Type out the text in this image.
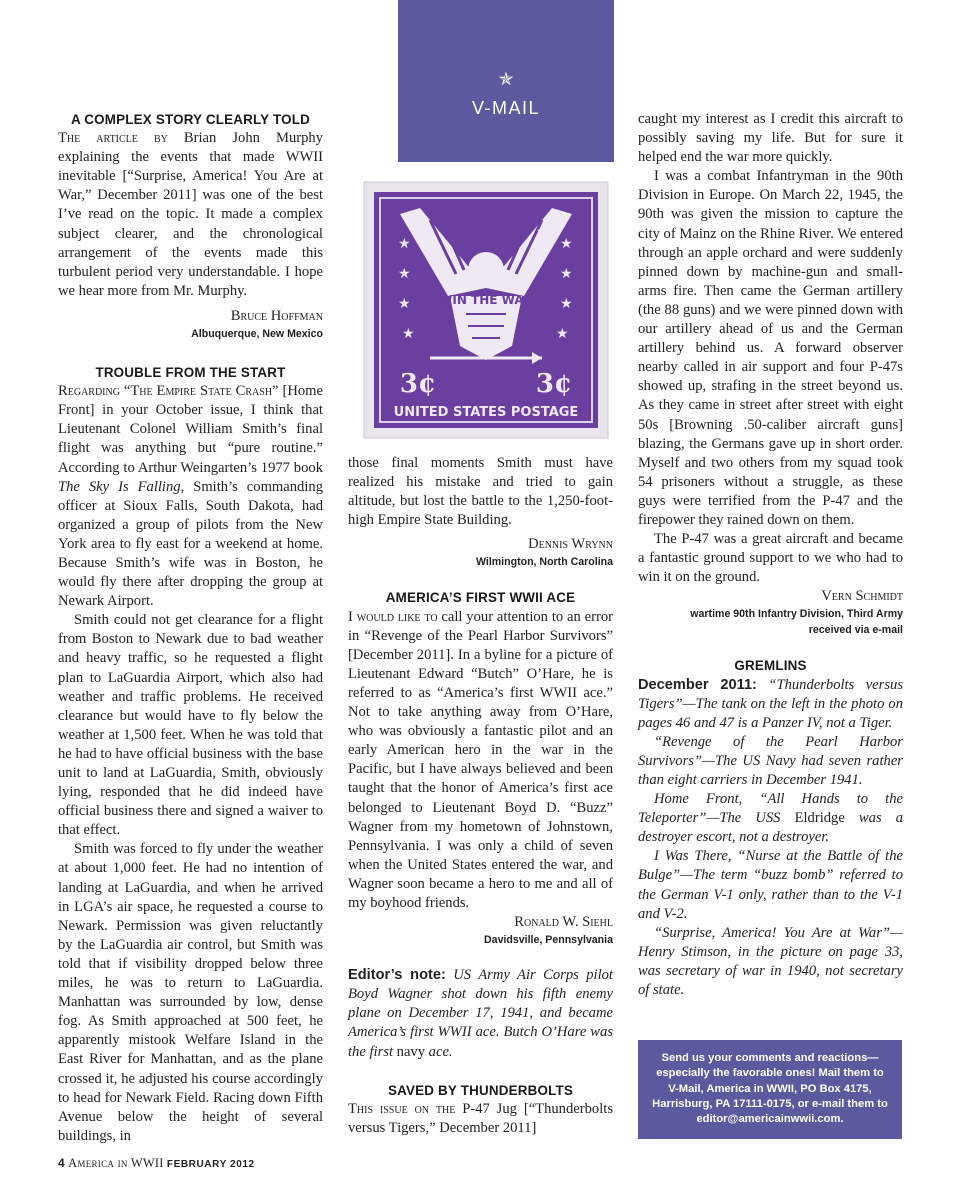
✯
V-MAIL
★
★
★
★
★
★
★
★
★	★
WIN THE WAR
3¢	3¢
UNITED STATES POSTAGE
A COMPLEX STORY CLEARLY TOLD

The article by Brian John Murphy explaining the events that made WWII inevitable [“Surprise, America! You Are at War,” December 2011] was one of the best I’ve read on the topic. It made a complex subject clearer, and the chronological arrangement of the events made this turbulent period very understandable. I hope we hear more from Mr. Murphy.

Bruce Hoffman
Albuquerque, New Mexico
TROUBLE FROM THE START

Regarding “The Empire State Crash” [Home Front] in your October issue, I think that Lieutenant Colonel William Smith’s final flight was anything but “pure routine.” According to Arthur Weingarten’s 1977 book The Sky Is Falling, Smith’s commanding officer at Sioux Falls, South Dakota, had organized a group of pilots from the New York area to fly east for a weekend at home. Because Smith’s wife was in Boston, he would fly there after dropping the group at Newark Airport.

Smith could not get clearance for a flight from Boston to Newark due to bad weather and heavy traffic, so he requested a flight plan to LaGuardia Airport, which also had weather and traffic problems. He received clearance but would have to fly below the weather at 1,500 feet. When he was told that he had to have official business with the base unit to land at LaGuardia, Smith, obviously lying, responded that he did indeed have official business there and signed a waiver to that effect.

Smith was forced to fly under the weather at about 1,000 feet. He had no intention of landing at LaGuardia, and when he arrived in LGA’s air space, he requested a course to Newark. Permission was given reluctantly by the LaGuardia air control, but Smith was told that if visibility dropped below three miles, he was to return to LaGuardia. Manhattan was surrounded by low, dense fog. As Smith approached at 500 feet, he apparently mistook Welfare Island in the East River for Manhattan, and as the plane crossed it, he adjusted his course accordingly to head for Newark Field. Racing down Fifth Avenue below the height of several buildings, in

those final moments Smith must have realized his mistake and tried to gain altitude, but lost the battle to the 1,250-foot-high Empire State Building.

Dennis Wrynn
Wilmington, North Carolina
AMERICA’S FIRST WWII ACE

I would like to call your attention to an error in “Revenge of the Pearl Harbor Survivors” [December 2011]. In a byline for a picture of Lieutenant Edward “Butch” O’Hare, he is referred to as “America’s first WWII ace.” Not to take anything away from O’Hare, who was obviously a fantastic pilot and an early American hero in the war in the Pacific, but I have always believed and been taught that the honor of America’s first ace belonged to Lieutenant Boyd D. “Buzz” Wagner from my hometown of Johnstown, Pennsylvania. I was only a child of seven when the United States entered the war, and Wagner soon became a hero to me and all of my boyhood friends.

Ronald W. Siehl
Davidsville, Pennsylvania

Editor’s note: US Army Air Corps pilot Boyd Wagner shot down his fifth enemy plane on December 17, 1941, and became America’s first WWII ace. Butch O’Hare was the first navy ace.

SAVED BY THUNDERBOLTS

This issue on the P-47 Jug [“Thunderbolts versus Tigers,” December 2011]

caught my interest as I credit this aircraft to possibly saving my life. But for sure it helped end the war more quickly.

I was a combat Infantryman in the 90th Division in Europe. On March 22, 1945, the 90th was given the mission to capture the city of Mainz on the Rhine River. We entered through an apple orchard and were suddenly pinned down by machine-gun and small-arms fire. Then came the German artillery (the 88 guns) and we were pinned down with our artillery ahead of us and the German artillery behind us. A forward observer nearby called in air support and four P-47s showed up, strafing in the street beyond us. As they came in street after street with eight 50s [Browning .50-caliber aircraft guns] blazing, the Germans gave up in short order. Myself and two others from my squad took 54 prisoners without a struggle, as these guys were terrified from the P-47 and the firepower they rained down on them.

The P-47 was a great aircraft and became a fantastic ground support to we who had to win it on the ground.

Vern Schmidt
wartime 90th Infantry Division, Third Army
received via e-mail
GREMLINS

December 2011: “Thunderbolts versus Tigers”—The tank on the left in the photo on pages 46 and 47 is a Panzer IV, not a Tiger.

“Revenge of the Pearl Harbor Survivors”—The US Navy had seven rather than eight carriers in December 1941.

Home Front, “All Hands to the Teleporter”—The USS Eldridge was a destroyer escort, not a destroyer.

I Was There, “Nurse at the Battle of the Bulge”—The term “buzz bomb” referred to the German V-1 only, rather than to the V-1 and V-2.

“Surprise, America! You Are at War”—Henry Stimson, in the picture on page 33, was secretary of war in 1940, not secretary of state.

Send us your comments and reactions—especially the favorable ones! Mail them to V-Mail, America in WWII, PO Box 4175, Harrisburg, PA 17111-0175, or e-mail them to editor@americainwwii.com.
4 America in WWII FEBRUARY 2012
